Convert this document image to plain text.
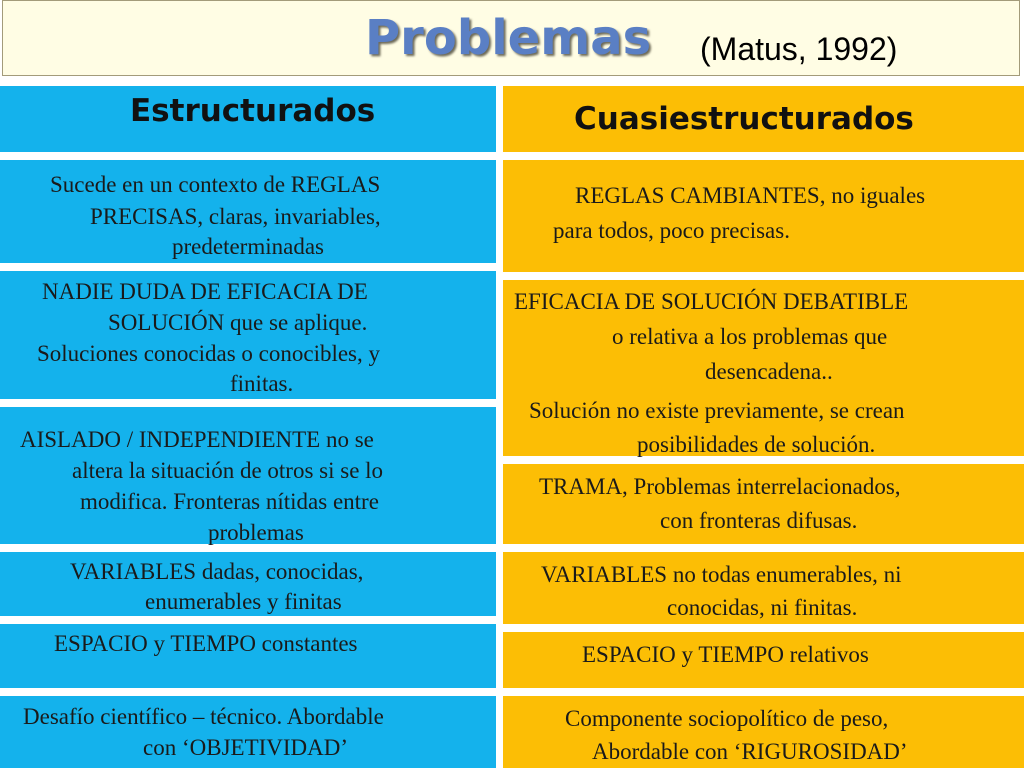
Problemas (Matus, 1992)
Estructurados	Cuasiestructurados
Sucede en un contexto de REGLAS
PRECISAS, claras, invariables,
predeterminadas
NADIE DUDA DE EFICACIA DE
SOLUCIÓN que se aplique.
Soluciones conocidas o conocibles, y
finitas.
AISLADO / INDEPENDIENTE no se
altera la situación de otros si se lo
modifica. Fronteras nítidas entre
problemas
VARIABLES dadas, conocidas,
enumerables y finitas
ESPACIO y TIEMPO constantes
Desafío científico – técnico. Abordable
con ‘OBJETIVIDAD’
REGLAS CAMBIANTES, no iguales
para todos, poco precisas.
EFICACIA DE SOLUCIÓN DEBATIBLE
o relativa a los problemas que
desencadena..
Solución no existe previamente, se crean
posibilidades de solución.
TRAMA, Problemas interrelacionados,
con fronteras difusas.
VARIABLES no todas enumerables, ni
conocidas, ni finitas.
ESPACIO y TIEMPO relativos
Componente sociopolítico de peso,
Abordable con ‘RIGUROSIDAD’
